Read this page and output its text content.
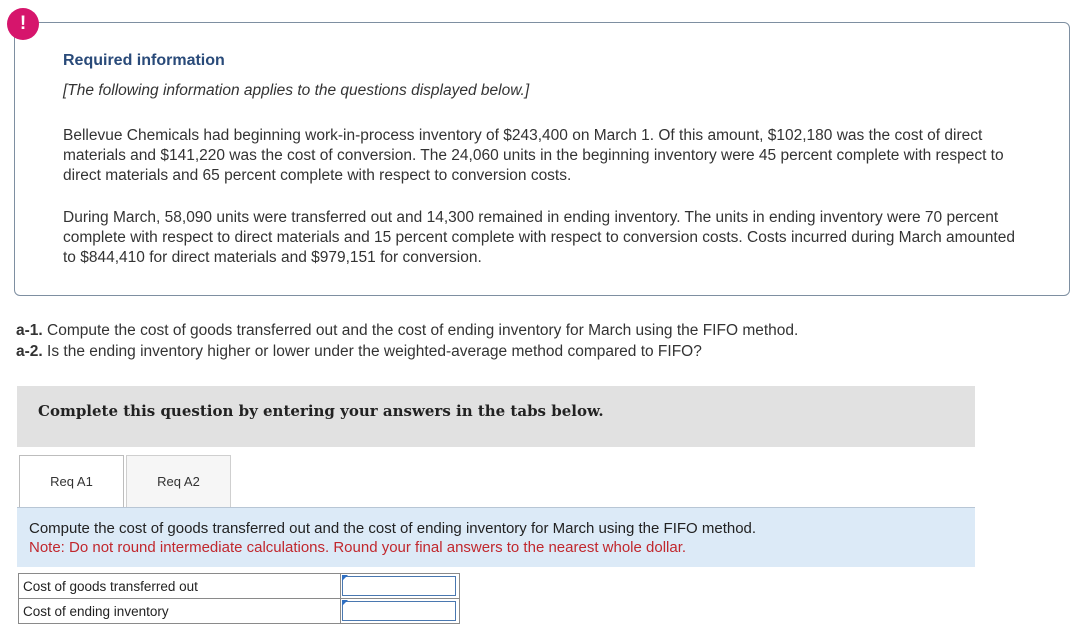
!

Required information

[The following information applies to the questions displayed below.]

Bellevue Chemicals had beginning work-in-process inventory of $243,400 on March 1. Of this amount, $102,180 was the cost of direct materials and $141,220 was the cost of conversion. The 24,060 units in the beginning inventory were 45 percent complete with respect to direct materials and 65 percent complete with respect to conversion costs.

During March, 58,090 units were transferred out and 14,300 remained in ending inventory. The units in ending inventory were 70 percent complete with respect to direct materials and 15 percent complete with respect to conversion costs. Costs incurred during March amounted to $844,410 for direct materials and $979,151 for conversion.

a-1. Compute the cost of goods transferred out and the cost of ending inventory for March using the FIFO method.
a-2. Is the ending inventory higher or lower under the weighted-average method compared to FIFO?

Complete this question by entering your answers in the tabs below.

Req A1	Req A2

Compute the cost of goods transferred out and the cost of ending inventory for March using the FIFO method.

Note: Do not round intermediate calculations. Round your final answers to the nearest whole dollar.

Cost of goods transferred out	

Cost of ending inventory	
